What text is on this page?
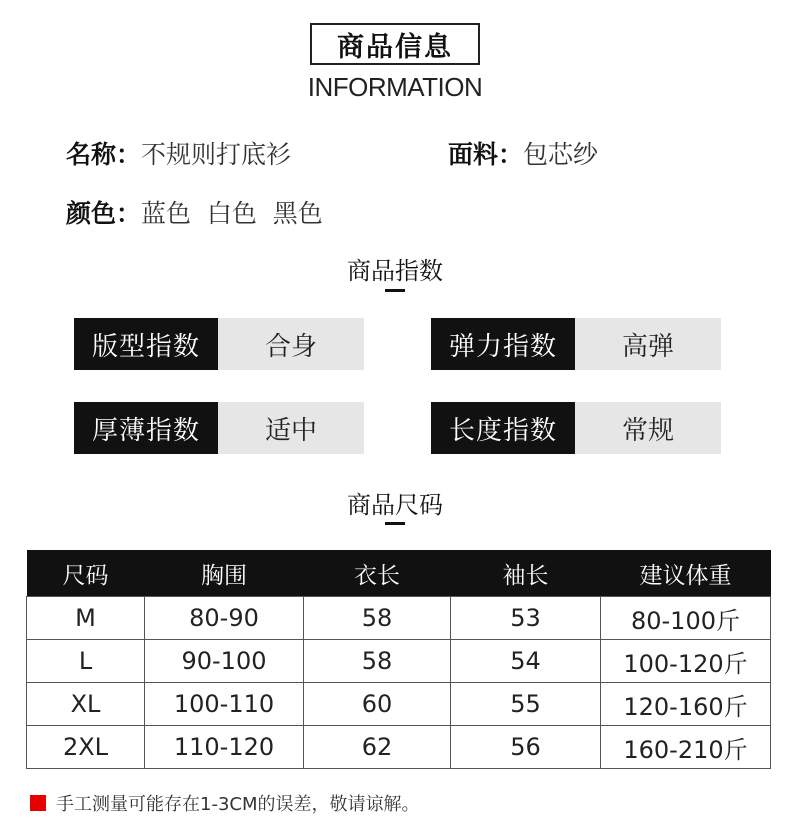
商品信息
INFORMATION
名称：不规则打底衫	面料：包芯纱
颜色：蓝色  白色  黑色
商品指数
版型指数	合身	弹力指数	高弹
厚薄指数	适中	长度指数	常规
商品尺码
尺码	胸围	衣长	袖长	建议体重
M	80-90	58	53	80-100斤
L	90-100	58	54	100-120斤
XL	100-110	60	55	120-160斤
2XL	110-120	62	56	160-210斤
手工测量可能存在1-3CM的误差，敬请谅解。
